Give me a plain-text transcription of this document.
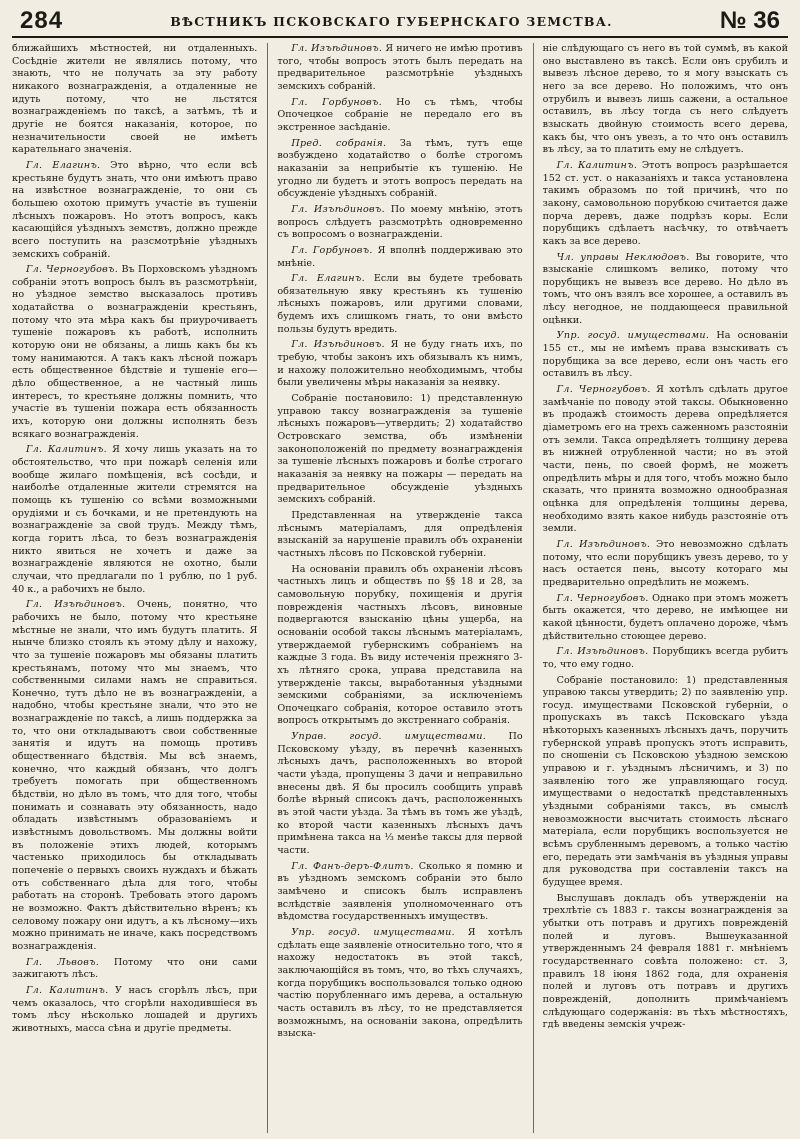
284	ВѢСТНИКЪ ПСКОВСКАГО ГУБЕРНСКАГО ЗЕМСТВА.	№ 36

ближайшихъ мѣстностей, ни отдаленныхъ. Сосѣдніе жители не являлись потому, что знають, что не получать за эту работу никакого вознагражденія, а отдаленные не идуть потому, что не льстятся вознагражденіемъ по таксѣ, а затѣмъ, тѣ и другіе не боятся наказанія, которое, по незначительности своей не имѣетъ карательнаго значенія.

Гл. Елагинъ. Это вѣрно, что если всѣ крестьяне будутъ знать, что они имѣютъ право на извѣстное вознагражденіе, то они съ большею охотою примутъ участіе въ тушеніи лѣсныхъ пожаровъ. Но этотъ вопросъ, какъ касающійся уѣздныхъ земствъ, должно прежде всего поступить на разсмотрѣніе уѣздныхъ земскихъ собраній.

Гл. Черногубовъ. Въ Порховскомъ уѣздномъ собраніи этотъ вопросъ былъ въ разсмотрѣніи, но уѣздное земство высказалось противъ ходатайства о вознагражденіи крестьянъ, потому что эта мѣра какъ бы приурочиваетъ тушеніе пожаровъ къ работѣ, исполнить которую они не обязаны, а лишь какъ бы къ тому нанимаются. А такъ какъ лѣсной пожаръ есть общественное бѣдствіе и тушеніе его—дѣло общественное, а не частный лишь интересъ, то крестьяне должны помнить, что участіе въ тушеніи пожара есть обязанность ихъ, которую они должны исполнять безъ всякаго вознагражденія.

Гл. Калитинъ. Я хочу лишь указать на то обстоятельство, что при пожарѣ селенія или вообще жилаго помѣщенія, всѣ сосѣди, и наиболѣе отдаленные жители стремятся на помощь къ тушенію со всѣми возможными орудіями и съ бочками, и не претендують на вознагражденіе за свой трудъ. Между тѣмъ, когда горитъ лѣса, то безъ вознагражденія никто явиться не хочетъ и даже за вознагражденіе являются не охотно, были случаи, что предлагали по 1 рублю, по 1 руб. 40 к., а рабочихъ не было.

Гл. Изъѣдиновъ. Очень, понятно, что рабочихъ не было, потому что крестьяне мѣстные не знали, что имъ будутъ платить. Я нынче близко стоялъ къ этому дѣлу и нахожу, что за тушеніе пожаровъ мы обязаны платить крестьянамъ, потому что мы знаемъ, что собственными силами намъ не справиться. Конечно, тутъ дѣло не въ вознагражденіи, а надобно, чтобы крестьяне знали, что это не вознагражденіе по таксѣ, а лишь поддержка за то, что они откладываютъ свои собственные занятія и идутъ на помощь противъ общественнаго бѣдствія. Мы всѣ знаемъ, конечно, что каждый обязанъ, что долгъ требуетъ помогать при общественномъ бѣдствіи, но дѣло въ томъ, что для того, чтобы понимать и сознавать эту обязанность, надо обладать извѣстнымъ образованіемъ и извѣстнымъ довольствомъ. Мы должны войти въ положеніе этихъ людей, которымъ частенько приходилось бы откладывать попеченіе о первыхъ своихъ нуждахъ и бѣжать отъ собственнаго дѣла для того, чтобы работать на сторонѣ. Требовать этого даромъ не возможно. Фактъ дѣйствительно вѣренъ; къ селовому пожару они идутъ, а къ лѣсному—ихъ можно принимать не иначе, какъ посредствомъ вознагражденія.

Гл. Львовъ. Потому что они сами зажигаютъ лѣсъ.

Гл. Калитинъ. У насъ сгорѣлъ лѣсъ, при чемъ оказалось, что сгорѣли находившіеся въ томъ лѣсу нѣсколько лошадей и другихъ животныхъ, масса сѣна и другіе предметы.

Гл. Изъѣдиновъ. Я ничего не имѣю противъ того, чтобы вопросъ этотъ былъ передать на предварительное разсмотрѣніе уѣздныхъ земскихъ собраній.

Гл. Горбуновъ. Но съ тѣмъ, чтобы Опочецкое собраніе не передало его въ экстренное засѣданіе.

Пред. собранія. За тѣмъ, тутъ еще возбуждено ходатайство о болѣе строгомъ наказаніи за неприбытіе къ тушенію. Не угодно ли будетъ и этотъ вопросъ передать на обсужденіе уѣздныхъ собраній.

Гл. Изъѣдиновъ. По моему мнѣнію, этотъ вопросъ слѣдуетъ разсмотрѣть одновременно съ вопросомъ о вознагражденіи.

Гл. Горбуновъ. Я вполнѣ поддерживаю это мнѣніе.

Гл. Елагинъ. Если вы будете требовать обязательную явку крестьянъ къ тушенію лѣсныхъ пожаровъ, или другими словами, будемъ ихъ слишкомъ гнать, то они вмѣсто пользы будутъ вредить.

Гл. Изъѣдиновъ. Я не буду гнать ихъ, по требую, чтобы законъ ихъ обязывалъ къ нимъ, и нахожу положительно необходимымъ, чтобы были увеличены мѣры наказанія за неявку.

Собраніе постановило: 1) представленную управою таксу вознагражденія за тушеніе лѣсныхъ пожаровъ—утвердить; 2) ходатайство Островскаго земства, объ измѣненіи законоположеній по предмету вознагражденія за тушеніе лѣсныхъ пожаровъ и болѣе строгаго наказанія за неявку на пожары — передать на предварительное обсужденіе уѣздныхъ земскихъ собраній.

Представленная на утвержденіе такса лѣснымъ матеріаламъ, для опредѣленія взысканій за нарушеніе правилъ объ охраненіи частныхъ лѣсовъ по Псковской губерніи.

На основаніи правилъ объ охраненіи лѣсовъ частныхъ лицъ и обществъ по §§ 18 и 28, за самовольную порубку, похищенія и другія поврежденія частныхъ лѣсовъ, виновные подвергаются взысканію цѣны ущерба, на основаніи особой таксы лѣснымъ матеріаламъ, утверждаемой губернскимъ собраніемъ на каждые 3 года. Въ виду истеченія прежняго 3-хъ лѣтняго срока, управа представила на утвержденіе таксы, выработанныя уѣздными земскими собраніями, за исключеніемъ Опочецкаго собранія, которое оставило этотъ вопросъ открытымъ до экстреннаго собранія.

Управ. госуд. имуществами. По Псковскому уѣзду, въ перечнѣ казенныхъ лѣсныхъ дачъ, расположенныхъ во второй части уѣзда, пропущены 3 дачи и неправильно внесены двѣ. Я бы просилъ сообщить управѣ болѣе вѣрный списокъ дачъ, расположенныхъ въ этой части уѣзда. За тѣмъ въ томъ же уѣздѣ, ко второй части казенныхъ лѣсныхъ дачъ примѣнена такса на ⅓ менѣе таксы для первой части.

Гл. Фанъ-деръ-Флитъ. Сколько я помню и въ уѣздномъ земскомъ собраніи это было замѣчено и списокъ былъ исправленъ вслѣдствіе заявленія уполномоченнаго отъ вѣдомства государственныхъ имуществъ.

Упр. госуд. имуществами. Я хотѣлъ сдѣлать еще заявленіе относительно того, что я нахожу недостатокъ въ этой таксѣ, заключающійся въ томъ, что, во тѣхъ случаяхъ, когда порубщикъ воспользовался только одною частію порубленнаго имъ дерева, а остальную часть оставилъ въ лѣсу, то не представляется возможнымъ, на основаніи закона, опредѣлить взыска-

ніе слѣдующаго съ него въ той суммѣ, въ какой оно выставлено въ таксѣ. Если онъ срубилъ и вывезъ лѣсное дерево, то я могу взыскать съ него за все дерево. Но положимъ, что онъ отрубилъ и вывезъ лишь сажени, а остальное оставилъ, въ лѣсу тогда съ него слѣдуетъ взыскать двойную стоимость всего дерева, какъ бы, что онъ увезъ, а то что онъ оставилъ въ лѣсу, за то платить ему не слѣдуетъ.

Гл. Калитинъ. Этотъ вопросъ разрѣшается 152 ст. уст. о наказаніяхъ и такса установлена такимъ образомъ по той причинѣ, что по закону, самовольною порубкою считается даже порча деревъ, даже подрѣзъ коры. Если порубщикъ сдѣлаетъ насѣчку, то отвѣчаетъ какъ за все дерево.

Чл. управы Неклюдовъ. Вы говорите, что взысканіе слишкомъ велико, потому что порубщикъ не вывезъ все дерево. Но дѣло въ томъ, что онъ взялъ все хорошее, а оставилъ въ лѣсу негодное, не поддающееся правильной оцѣнки.

Упр. госуд. имуществами. На основаніи 155 ст., мы не имѣемъ права взыскивать съ порубщика за все дерево, если онъ часть его оставилъ въ лѣсу.

Гл. Черногубовъ. Я хотѣлъ сдѣлать другое замѣчаніе по поводу этой таксы. Обыкновенно въ продажѣ стоимость дерева опредѣляется діаметромъ его на трехъ саженномъ разстояніи отъ земли. Такса опредѣляетъ толщину дерева въ нижней отрубленной части; но въ этой части, пень, по своей формѣ, не можетъ опредѣлить мѣры и для того, чтобъ можно было сказать, что принята возможно однообразная оцѣнка для опредѣленія толщины дерева, необходимо взять какое нибудь разстояніе отъ земли.

Гл. Изъѣдиновъ. Это невозможно сдѣлать потому, что если порубщикъ увезъ дерево, то у насъ остается пень, высоту котораго мы предварительно опредѣлить не можемъ.

Гл. Черногубовъ. Однако при этомъ можетъ быть окажется, что дерево, не имѣющее ни какой цѣнности, будетъ оплачено дороже, чѣмъ дѣйствительно стоющее дерево.

Гл. Изъѣдиновъ. Порубщикъ всегда рубитъ то, что ему годно.

Собраніе постановило: 1) представленныя управою таксы утвердить; 2) по заявленію упр. госуд. имуществами Псковской губерніи, о пропускахъ въ таксѣ Псковскаго уѣзда нѣкоторыхъ казенныхъ лѣсныхъ дачъ, поручить губернской управѣ пропускъ этотъ исправить, по сношеніи съ Псковскою уѣздною земскою управою и г. уѣзднымъ лѣсничимъ, и 3) по заявленію того же управляющаго госуд. имуществами о недостаткѣ представленныхъ уѣздными собраніями таксъ, въ смыслѣ невозможности высчитать стоимость лѣснаго матеріала, если порубщикъ воспользуется не всѣмъ срубленнымъ деревомъ, а только частію его, передать эти замѣчанія въ уѣздныя управы для руководства при составленіи таксъ на будущее время.

Выслушавъ докладъ объ утвержденіи на трехлѣтіе съ 1883 г. таксы вознагражденія за убытки отъ потравъ и другихъ поврежденій полей и луговъ. Вышеуказанной утвержденнымъ 24 февраля 1881 г. мнѣніемъ государственнаго совѣта положено: ст. 3, правилъ 18 іюня 1862 года, для охраненія полей и луговъ отъ потравъ и другихъ поврежденій, дополнить примѣчаніемъ слѣдующаго содержанія: въ тѣхъ мѣстностяхъ, гдѣ введены земскія учреж-
